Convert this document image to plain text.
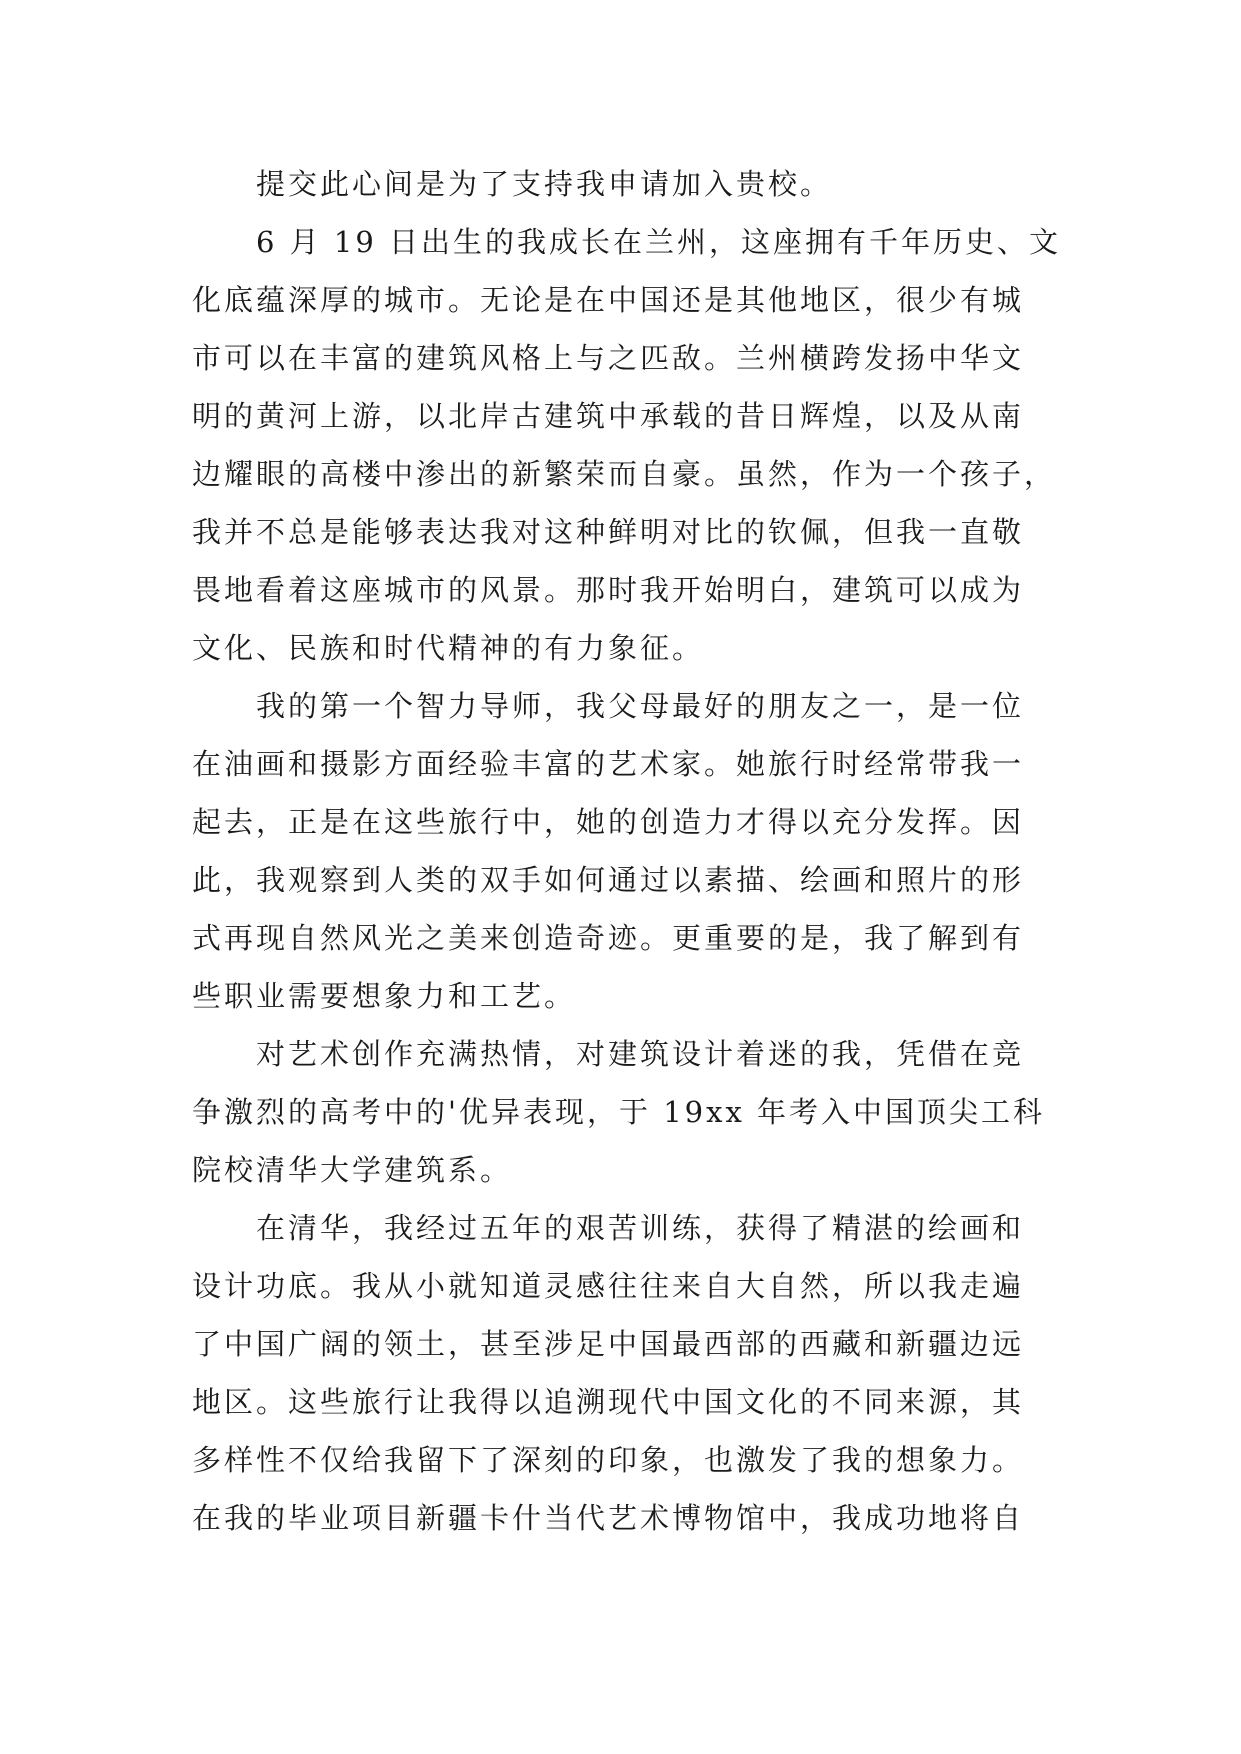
提交此心间是为了支持我申请加入贵校。
6 月 19 日出生的我成长在兰州，这座拥有千年历史、文
化底蕴深厚的城市。无论是在中国还是其他地区，很少有城
市可以在丰富的建筑风格上与之匹敌。兰州横跨发扬中华文
明的黄河上游，以北岸古建筑中承载的昔日辉煌，以及从南
边耀眼的高楼中渗出的新繁荣而自豪。虽然，作为一个孩子，
我并不总是能够表达我对这种鲜明对比的钦佩，但我一直敬
畏地看着这座城市的风景。那时我开始明白，建筑可以成为
文化、民族和时代精神的有力象征。
我的第一个智力导师，我父母最好的朋友之一，是一位
在油画和摄影方面经验丰富的艺术家。她旅行时经常带我一
起去，正是在这些旅行中，她的创造力才得以充分发挥。因
此，我观察到人类的双手如何通过以素描、绘画和照片的形
式再现自然风光之美来创造奇迹。更重要的是，我了解到有
些职业需要想象力和工艺。
对艺术创作充满热情，对建筑设计着迷的我，凭借在竞
争激烈的高考中的'优异表现，于 19xx 年考入中国顶尖工科
院校清华大学建筑系。
在清华，我经过五年的艰苦训练，获得了精湛的绘画和
设计功底。我从小就知道灵感往往来自大自然，所以我走遍
了中国广阔的领土，甚至涉足中国最西部的西藏和新疆边远
地区。这些旅行让我得以追溯现代中国文化的不同来源，其
多样性不仅给我留下了深刻的印象，也激发了我的想象力。
在我的毕业项目新疆卡什当代艺术博物馆中，我成功地将自
